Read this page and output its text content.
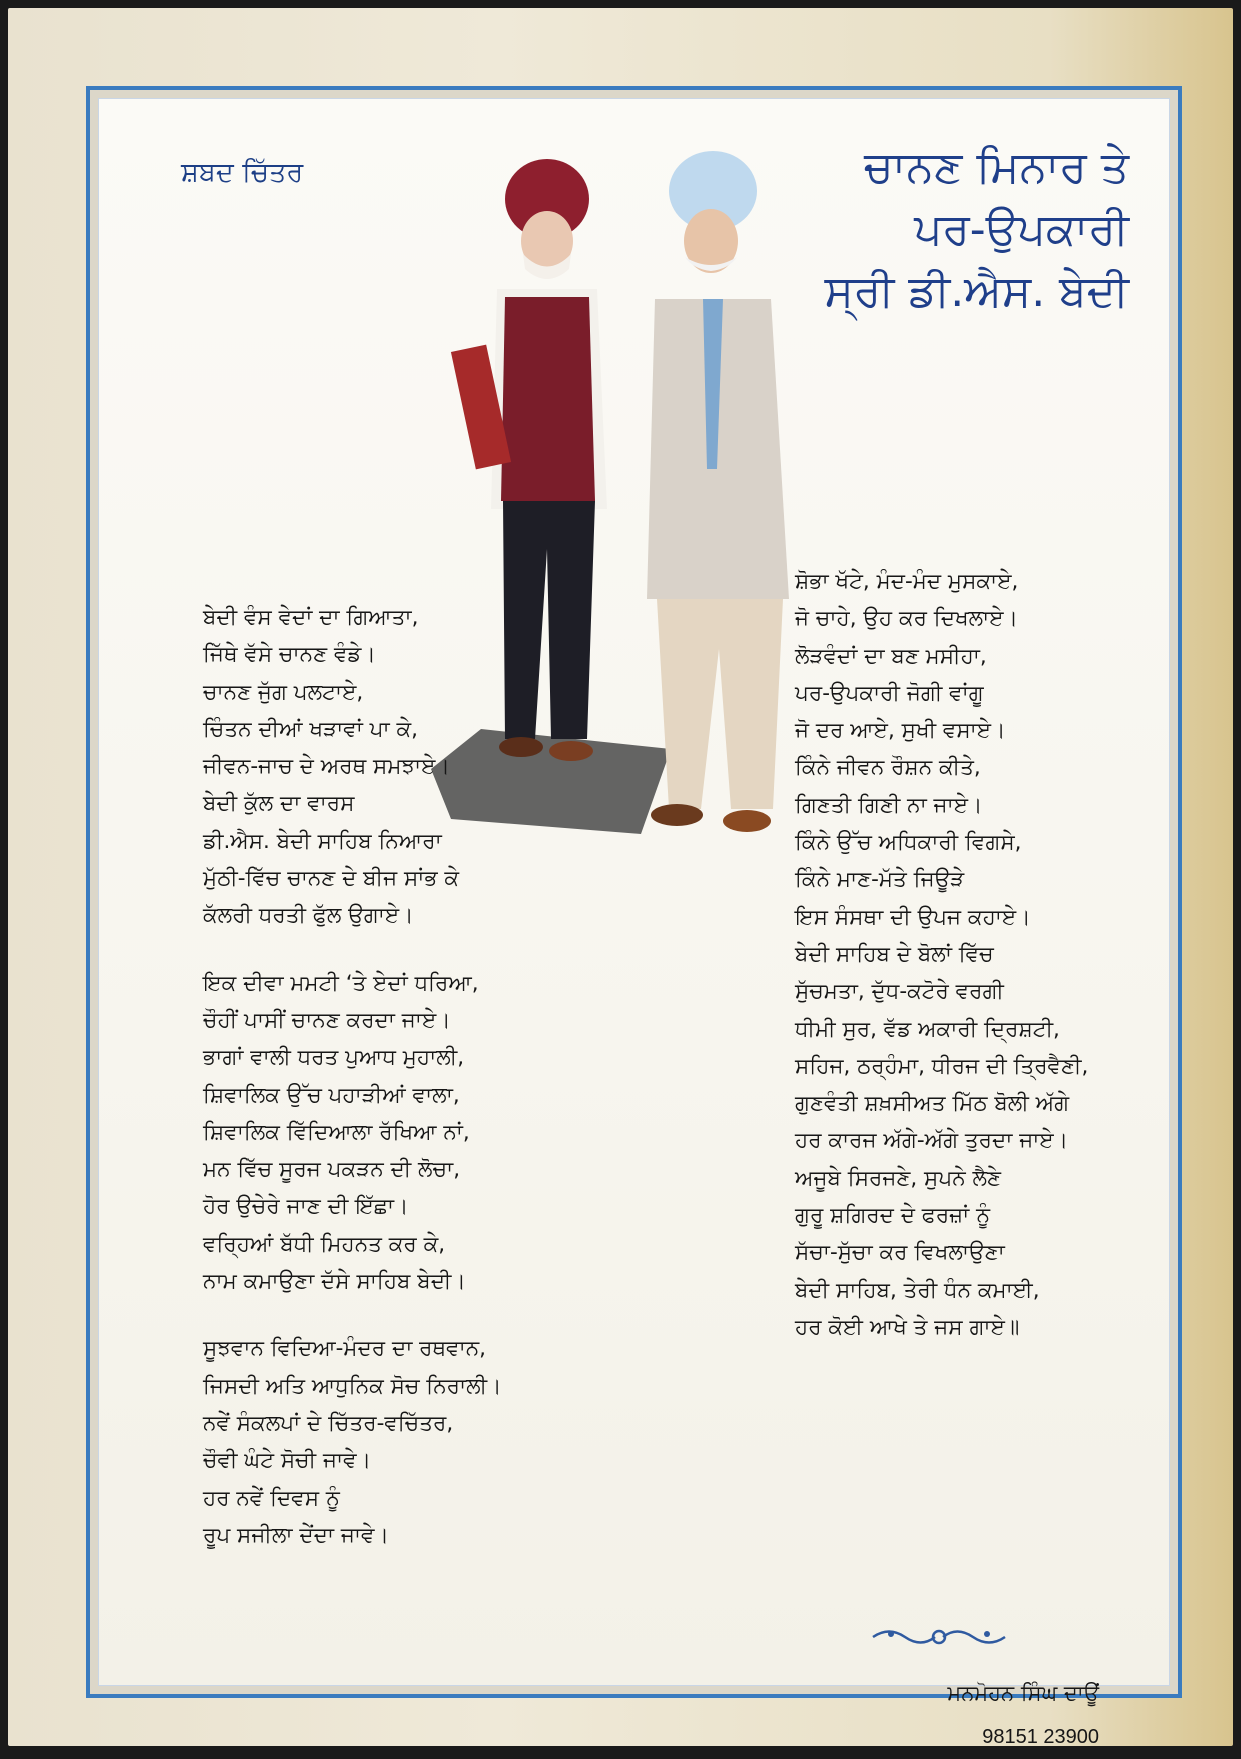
ਸ਼ਬਦ ਚਿੱਤਰ	ਚਾਨਣ ਮਿਨਾਰ ਤੇ
ਪਰ-ਉਪਕਾਰੀ
ਸ੍ਰੀ ਡੀ.ਐਸ. ਬੇਦੀ
ਬੇਦੀ ਵੰਸ ਵੇਦਾਂ ਦਾ ਗਿਆਤਾ,
ਜਿੱਥੇ ਵੱਸੇ ਚਾਨਣ ਵੰਡੇ।
ਚਾਨਣ ਜੁੱਗ ਪਲਟਾਏ,
ਚਿੰਤਨ ਦੀਆਂ ਖੜਾਵਾਂ ਪਾ ਕੇ,
ਜੀਵਨ-ਜਾਚ ਦੇ ਅਰਥ ਸਮਝਾਏ।
ਬੇਦੀ ਕੁੱਲ ਦਾ ਵਾਰਸ
ਡੀ.ਐਸ. ਬੇਦੀ ਸਾਹਿਬ ਨਿਆਰਾ
ਮੁੱਠੀ-ਵਿੱਚ ਚਾਨਣ ਦੇ ਬੀਜ ਸਾਂਭ ਕੇ
ਕੱਲਰੀ ਧਰਤੀ ਫੁੱਲ ਉਗਾਏ।
ਇਕ ਦੀਵਾ ਮਮਟੀ ‘ਤੇ ਏਦਾਂ ਧਰਿਆ,
ਚੌਹੀਂ ਪਾਸੀਂ ਚਾਨਣ ਕਰਦਾ ਜਾਏ।
ਭਾਗਾਂ ਵਾਲੀ ਧਰਤ ਪੁਆਧ ਮੁਹਾਲੀ,
ਸ਼ਿਵਾਲਿਕ ਉੱਚ ਪਹਾੜੀਆਂ ਵਾਲਾ,
ਸ਼ਿਵਾਲਿਕ ਵਿੱਦਿਆਲਾ ਰੱਖਿਆ ਨਾਂ,
ਮਨ ਵਿੱਚ ਸੂਰਜ ਪਕੜਨ ਦੀ ਲੋਚਾ,
ਹੋਰ ਉਚੇਰੇ ਜਾਣ ਦੀ ਇੱਛਾ।
ਵਰ੍ਹਿਆਂ ਬੱਧੀ ਮਿਹਨਤ ਕਰ ਕੇ,
ਨਾਮ ਕਮਾਉਣਾ ਦੱਸੇ ਸਾਹਿਬ ਬੇਦੀ।
ਸੂਝਵਾਨ ਵਿਦਿਆ-ਮੰਦਰ ਦਾ ਰਥਵਾਨ,
ਜਿਸਦੀ ਅਤਿ ਆਧੁਨਿਕ ਸੋਚ ਨਿਰਾਲੀ।
ਨਵੇਂ ਸੰਕਲਪਾਂ ਦੇ ਚਿੱਤਰ-ਵਚਿੱਤਰ,
ਚੌਵੀ ਘੰਟੇ ਸੋਚੀ ਜਾਵੇ।
ਹਰ ਨਵੇਂ ਦਿਵਸ ਨੂੰ
ਰੂਪ ਸਜੀਲਾ ਦੇਂਦਾ ਜਾਵੇ।
ਸ਼ੋਭਾ ਖੱਟੇ, ਮੰਦ-ਮੰਦ ਮੁਸਕਾਏ,
ਜੋ ਚਾਹੇ, ਉਹ ਕਰ ਦਿਖਲਾਏ।
ਲੋੜਵੰਦਾਂ ਦਾ ਬਣ ਮਸੀਹਾ,
ਪਰ-ਉਪਕਾਰੀ ਜੋਗੀ ਵਾਂਗੂ
ਜੋ ਦਰ ਆਏ, ਸੁਖੀ ਵਸਾਏ।
ਕਿੰਨੇ ਜੀਵਨ ਰੌਸ਼ਨ ਕੀਤੇ,
ਗਿਣਤੀ ਗਿਣੀ ਨਾ ਜਾਏ।
ਕਿੰਨੇ ਉੱਚ ਅਧਿਕਾਰੀ ਵਿਗਸੇ,
ਕਿੰਨੇ ਮਾਣ-ਮੱਤੇ ਜਿਊੜੇ
ਇਸ ਸੰਸਥਾ ਦੀ ਉਪਜ ਕਹਾਏ।
ਬੇਦੀ ਸਾਹਿਬ ਦੇ ਬੋਲਾਂ ਵਿੱਚ
ਸੁੱਚਮਤਾ, ਦੁੱਧ-ਕਟੋਰੇ ਵਰਗੀ
ਧੀਮੀ ਸੁਰ, ਵੱਡ ਅਕਾਰੀ ਦ੍ਰਿਸ਼ਟੀ,
ਸਹਿਜ, ਠਰ੍ਹੰਮਾ, ਧੀਰਜ ਦੀ ਤ੍ਰਿਵੈਣੀ,
ਗੁਣਵੰਤੀ ਸ਼ਖ਼ਸੀਅਤ ਮਿੱਠ ਬੋਲੀ ਅੱਗੇ
ਹਰ ਕਾਰਜ ਅੱਗੇ-ਅੱਗੇ ਤੁਰਦਾ ਜਾਏ।
ਅਜੂਬੇ ਸਿਰਜਣੇ, ਸੁਪਨੇ ਲੈਣੇ
ਗੁਰੂ ਸ਼ਗਿਰਦ ਦੇ ਫਰਜ਼ਾਂ ਨੂੰ
ਸੱਚਾ-ਸੁੱਚਾ ਕਰ ਵਿਖਲਾਉਣਾ
ਬੇਦੀ ਸਾਹਿਬ, ਤੇਰੀ ਧੰਨ ਕਮਾਈ,
ਹਰ ਕੋਈ ਆਖੇ ਤੇ ਜਸ ਗਾਏ॥
ਮਨਮੋਹਨ ਸਿੰਘ ਦਾਊਂ
98151 23900
